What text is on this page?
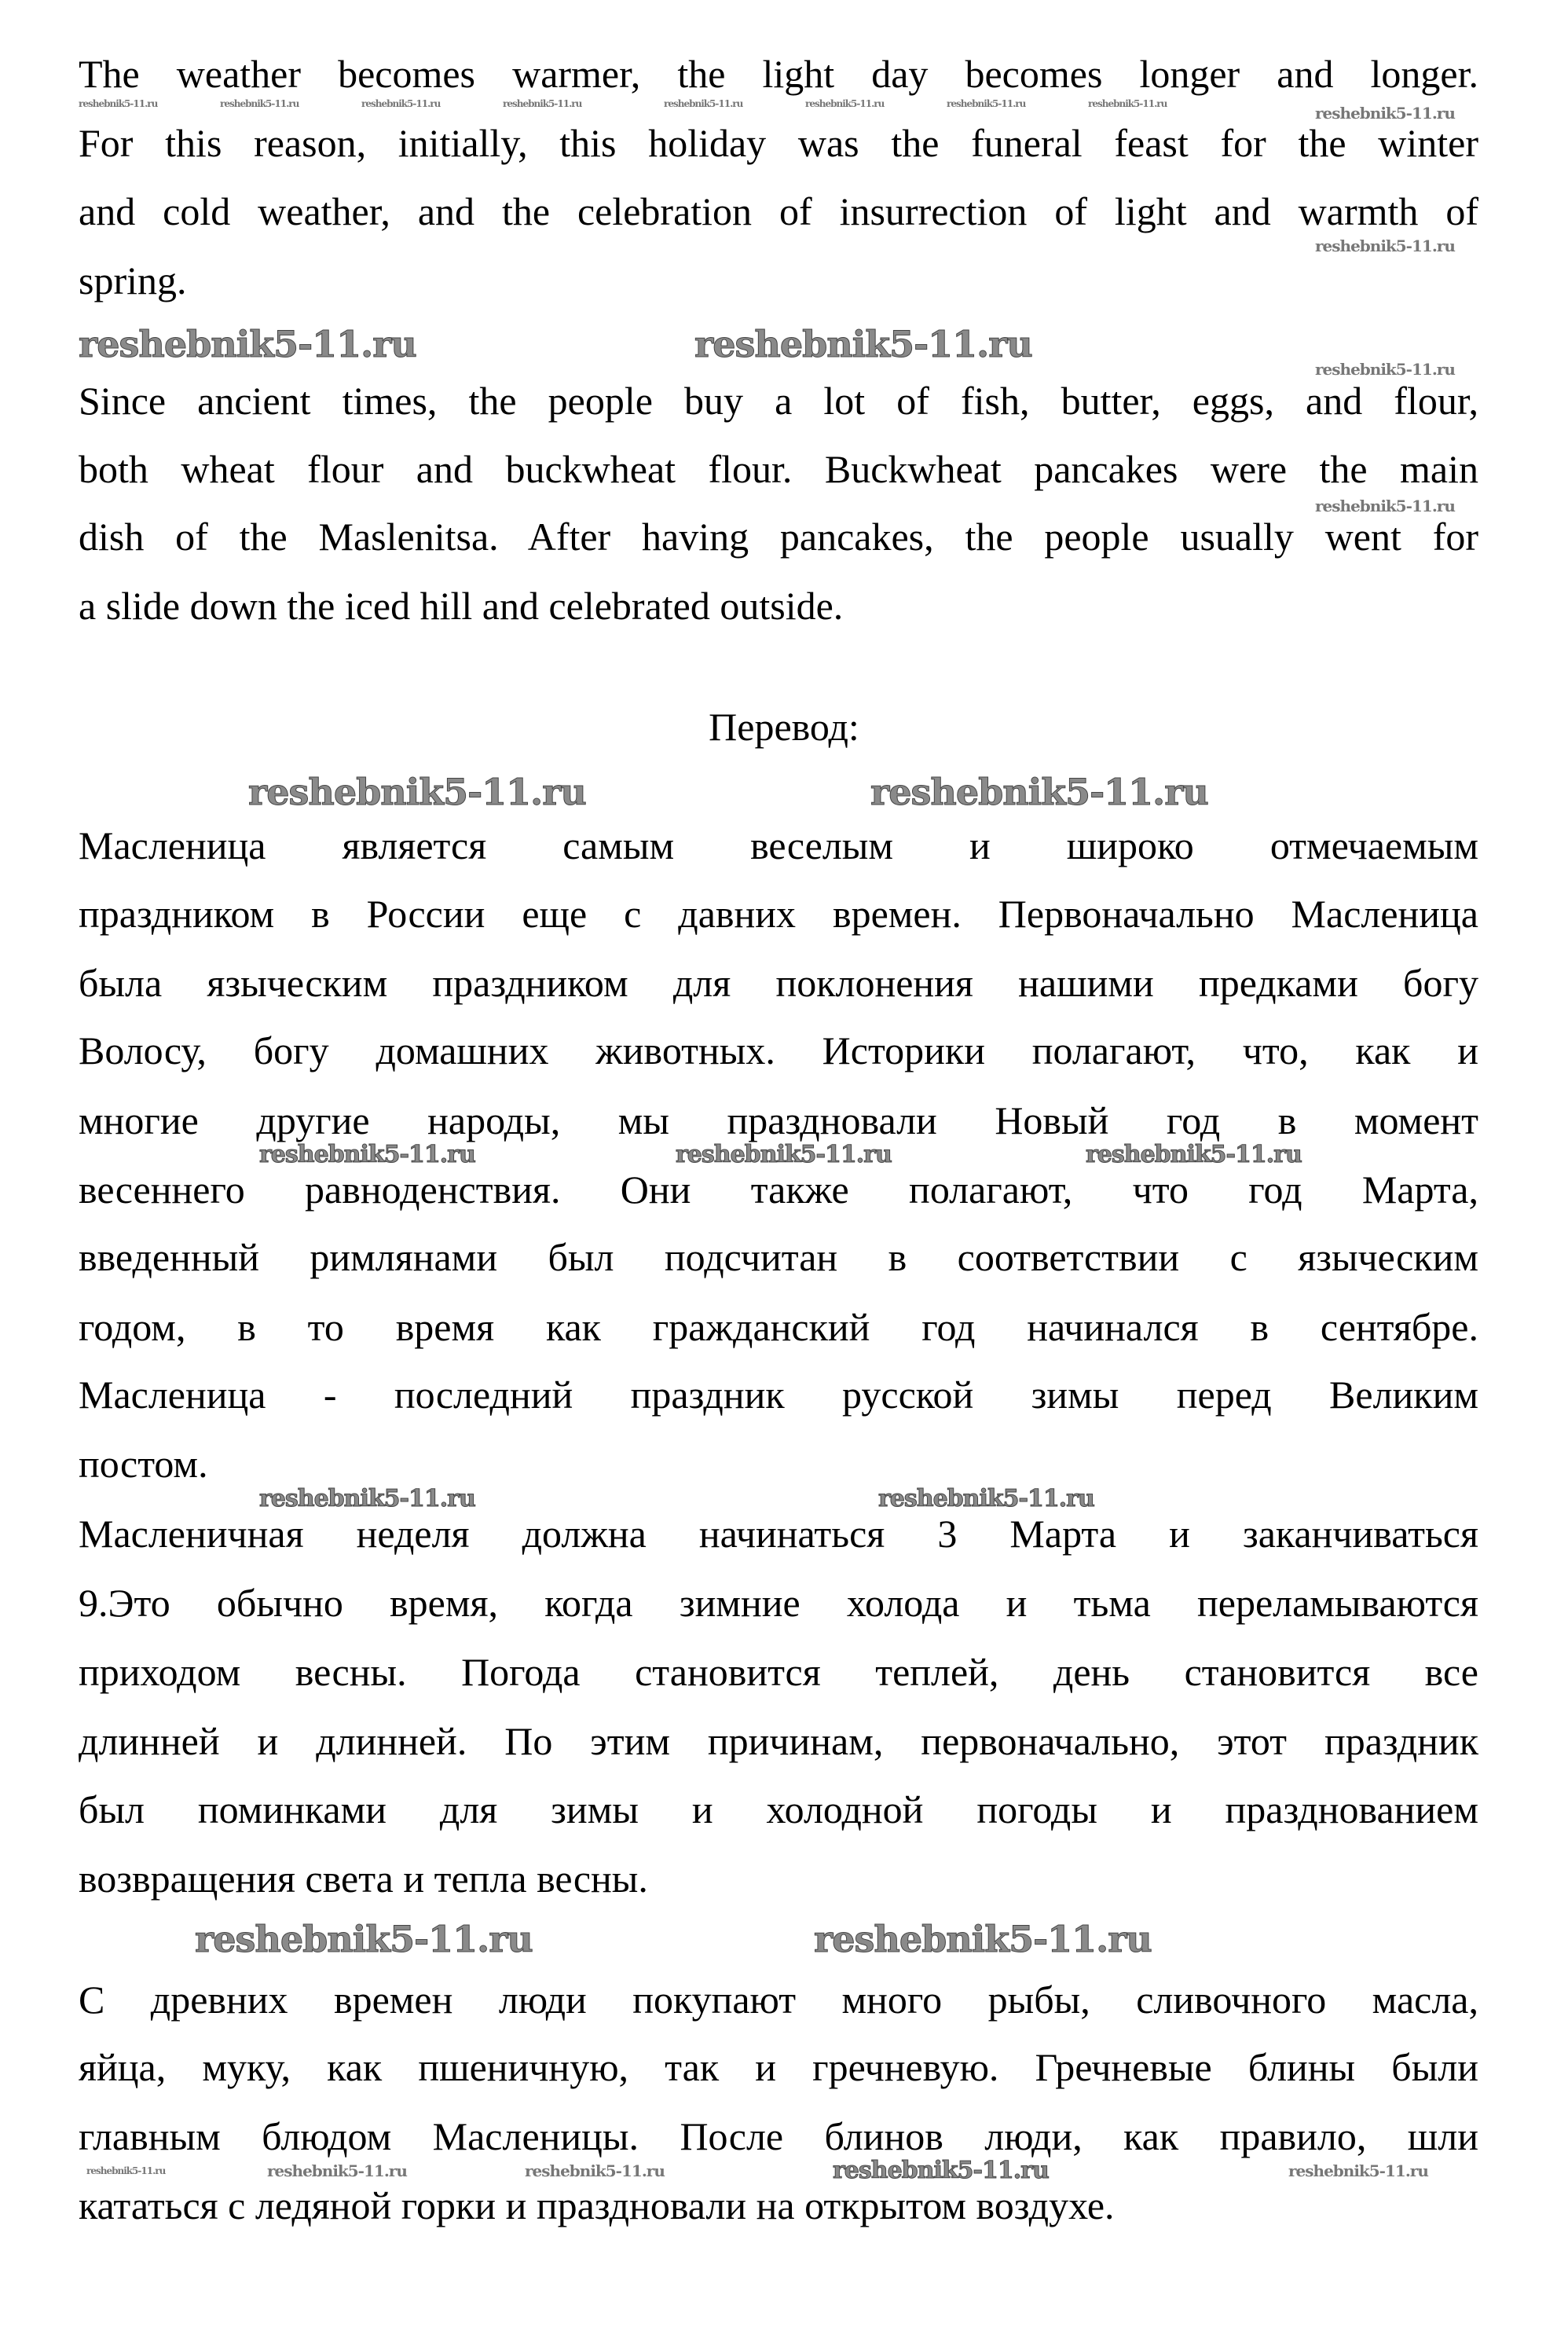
The weather becomes warmer, the light day becomes longer and longer.
For this reason, initially, this holiday was the funeral feast for the winter
and cold weather, and the celebration of insurrection of light and warmth of
spring.
Since ancient times, the people buy a lot of fish, butter, eggs, and flour,
both wheat flour and buckwheat flour. Buckwheat pancakes were the main
dish of the Maslenitsa. After having pancakes, the people usually went for
a slide down the iced hill and celebrated outside.
Масленица является самым веселым и широко отмечаемым
праздником в России еще с давних времен. Первоначально Масленица
была языческим праздником для поклонения нашими предками богу
Волосу, богу домашних животных. Историки полагают, что, как и
многие другие народы, мы праздновали Новый год в момент
весеннего равноденствия. Они также полагают, что год Марта,
введенный римлянами был подсчитан в соответствии с языческим
годом, в то время как гражданский год начинался в сентябре.
Масленица - последний праздник русской зимы перед Великим
постом.
Масленичная неделя должна начинаться 3 Марта и заканчиваться
9.Это обычно время, когда зимние холода и тьма переламываются
приходом весны. Погода становится теплей, день становится все
длинней и длинней. По этим причинам, первоначально, этот праздник
был поминками для зимы и холодной погоды и празднованием
возвращения света и тепла весны.
С древних времен люди покупают много рыбы, сливочного масла,
яйца, муку, как пшеничную, так и гречневую. Гречневые блины были
главным блюдом Масленицы. После блинов люди, как правило, шли
кататься с ледяной горки и праздновали на открытом воздухе.
Перевод:
reshebnik5-11.ru	reshebnik5-11.ru
reshebnik5-11.ru	reshebnik5-11.ru
reshebnik5-11.ru	reshebnik5-11.ru
reshebnik5-11.ru
reshebnik5-11.ru	reshebnik5-11.ru
reshebnik5-11.ru	reshebnik5-11.ru	reshebnik5-11.ru
reshebnik5-11.ru	reshebnik5-11.ru	reshebnik5-11.ru
reshebnik5-11.ru
reshebnik5-11.ru
reshebnik5-11.ru
reshebnik5-11.ru
reshebnik5-11.ru
reshebnik5-11.ru	reshebnik5-11.ru	reshebnik5-11.ru	reshebnik5-11.ru	reshebnik5-11.ru	reshebnik5-11.ru	reshebnik5-11.ru	reshebnik5-11.ru
